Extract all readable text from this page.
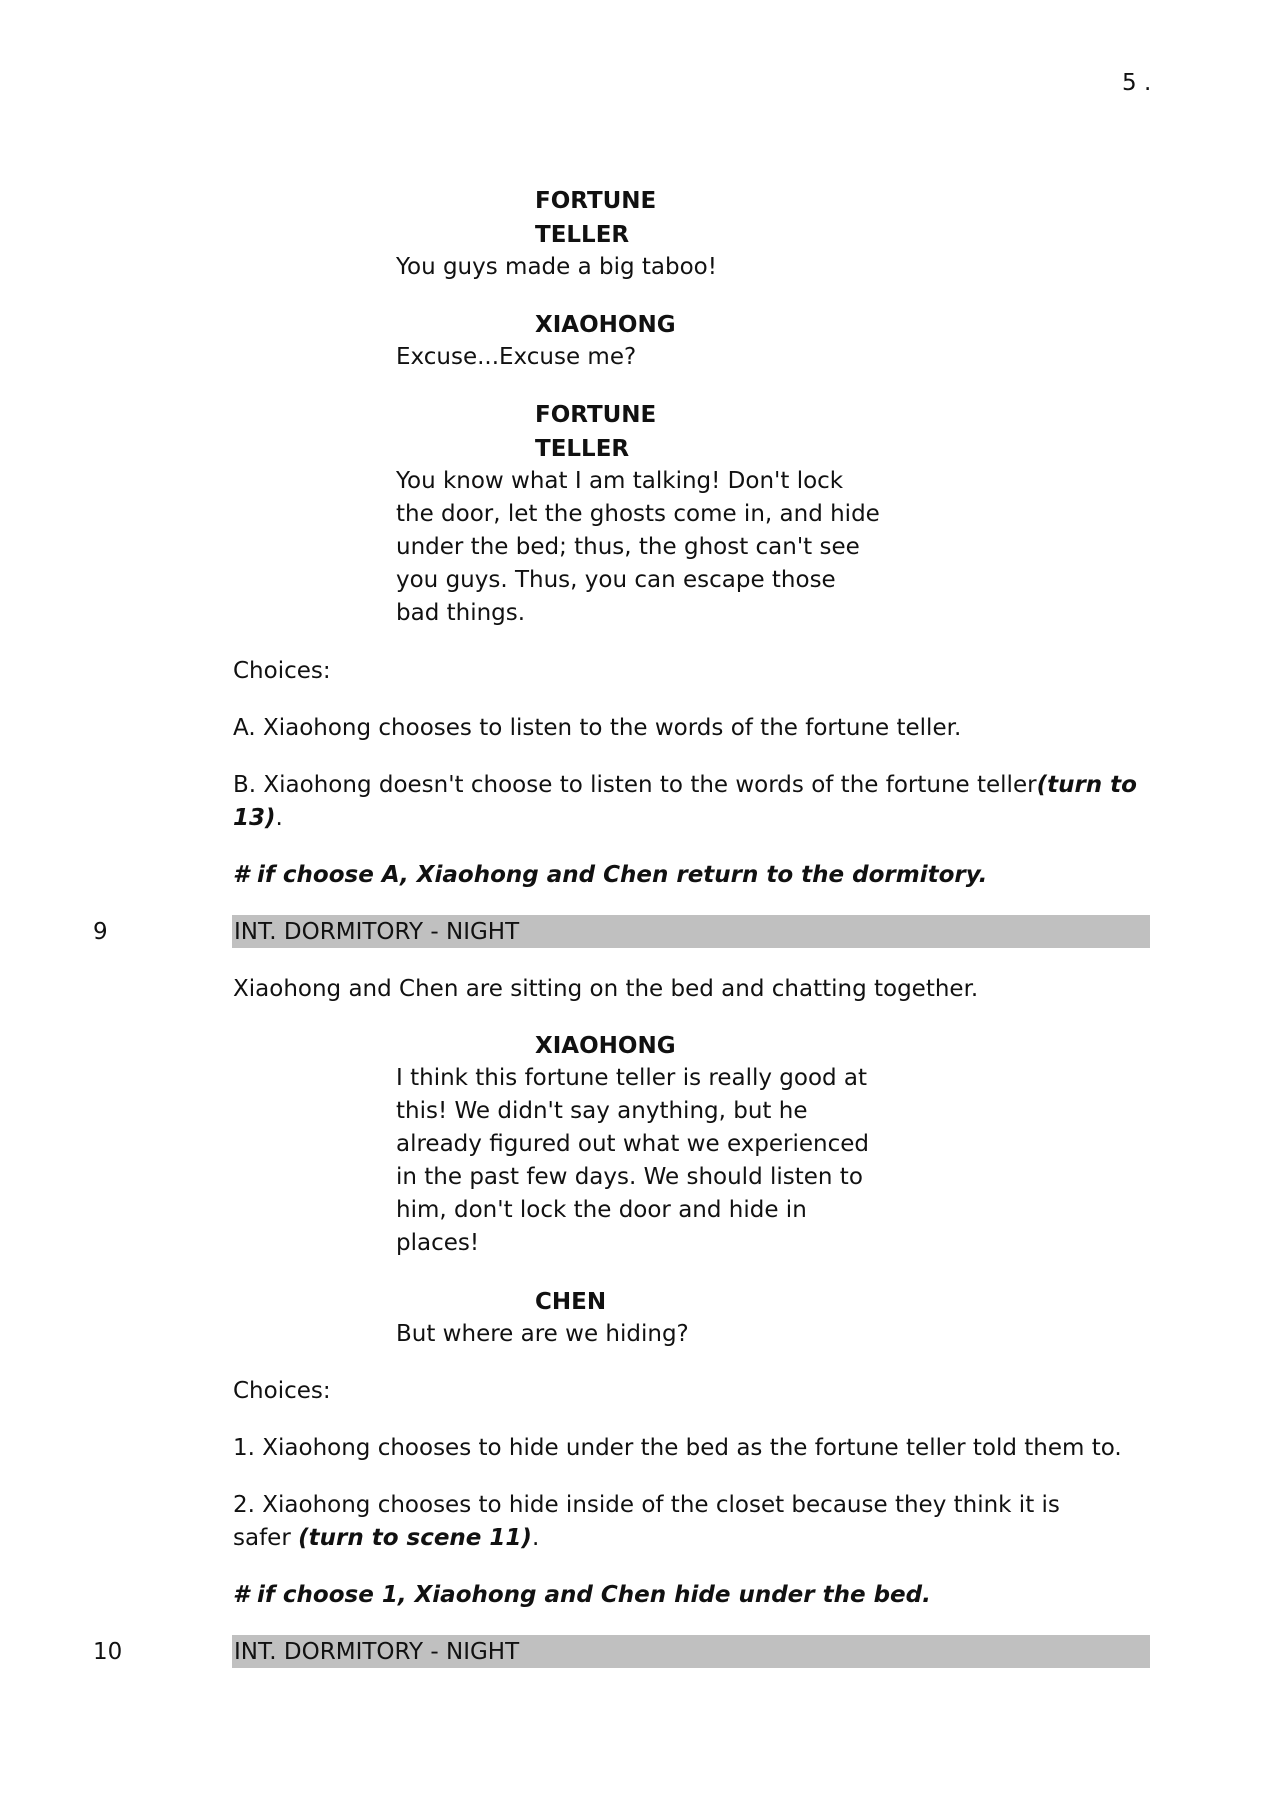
5 .
FORTUNE
TELLER
You guys made a big taboo!
XIAOHONG
Excuse...Excuse me?
FORTUNE
TELLER
You know what I am talking! Don't lock
the door, let the ghosts come in, and hide
under the bed; thus, the ghost can't see
you guys. Thus, you can escape those
bad things.
Choices:
A. Xiaohong chooses to listen to the words of the fortune teller.
B. Xiaohong doesn't choose to listen to the words of the fortune teller(turn to
13).
# if choose A, Xiaohong and Chen return to the dormitory.
9	INT. DORMITORY - NIGHT
Xiaohong and Chen are sitting on the bed and chatting together.
XIAOHONG
I think this fortune teller is really good at
this! We didn't say anything, but he
already figured out what we experienced
in the past few days. We should listen to
him, don't lock the door and hide in
places!
CHEN
But where are we hiding?
Choices:
1. Xiaohong chooses to hide under the bed as the fortune teller told them to.
2. Xiaohong chooses to hide inside of the closet because they think it is
safer (turn to scene 11).
# if choose 1, Xiaohong and Chen hide under the bed.
10	INT. DORMITORY - NIGHT
